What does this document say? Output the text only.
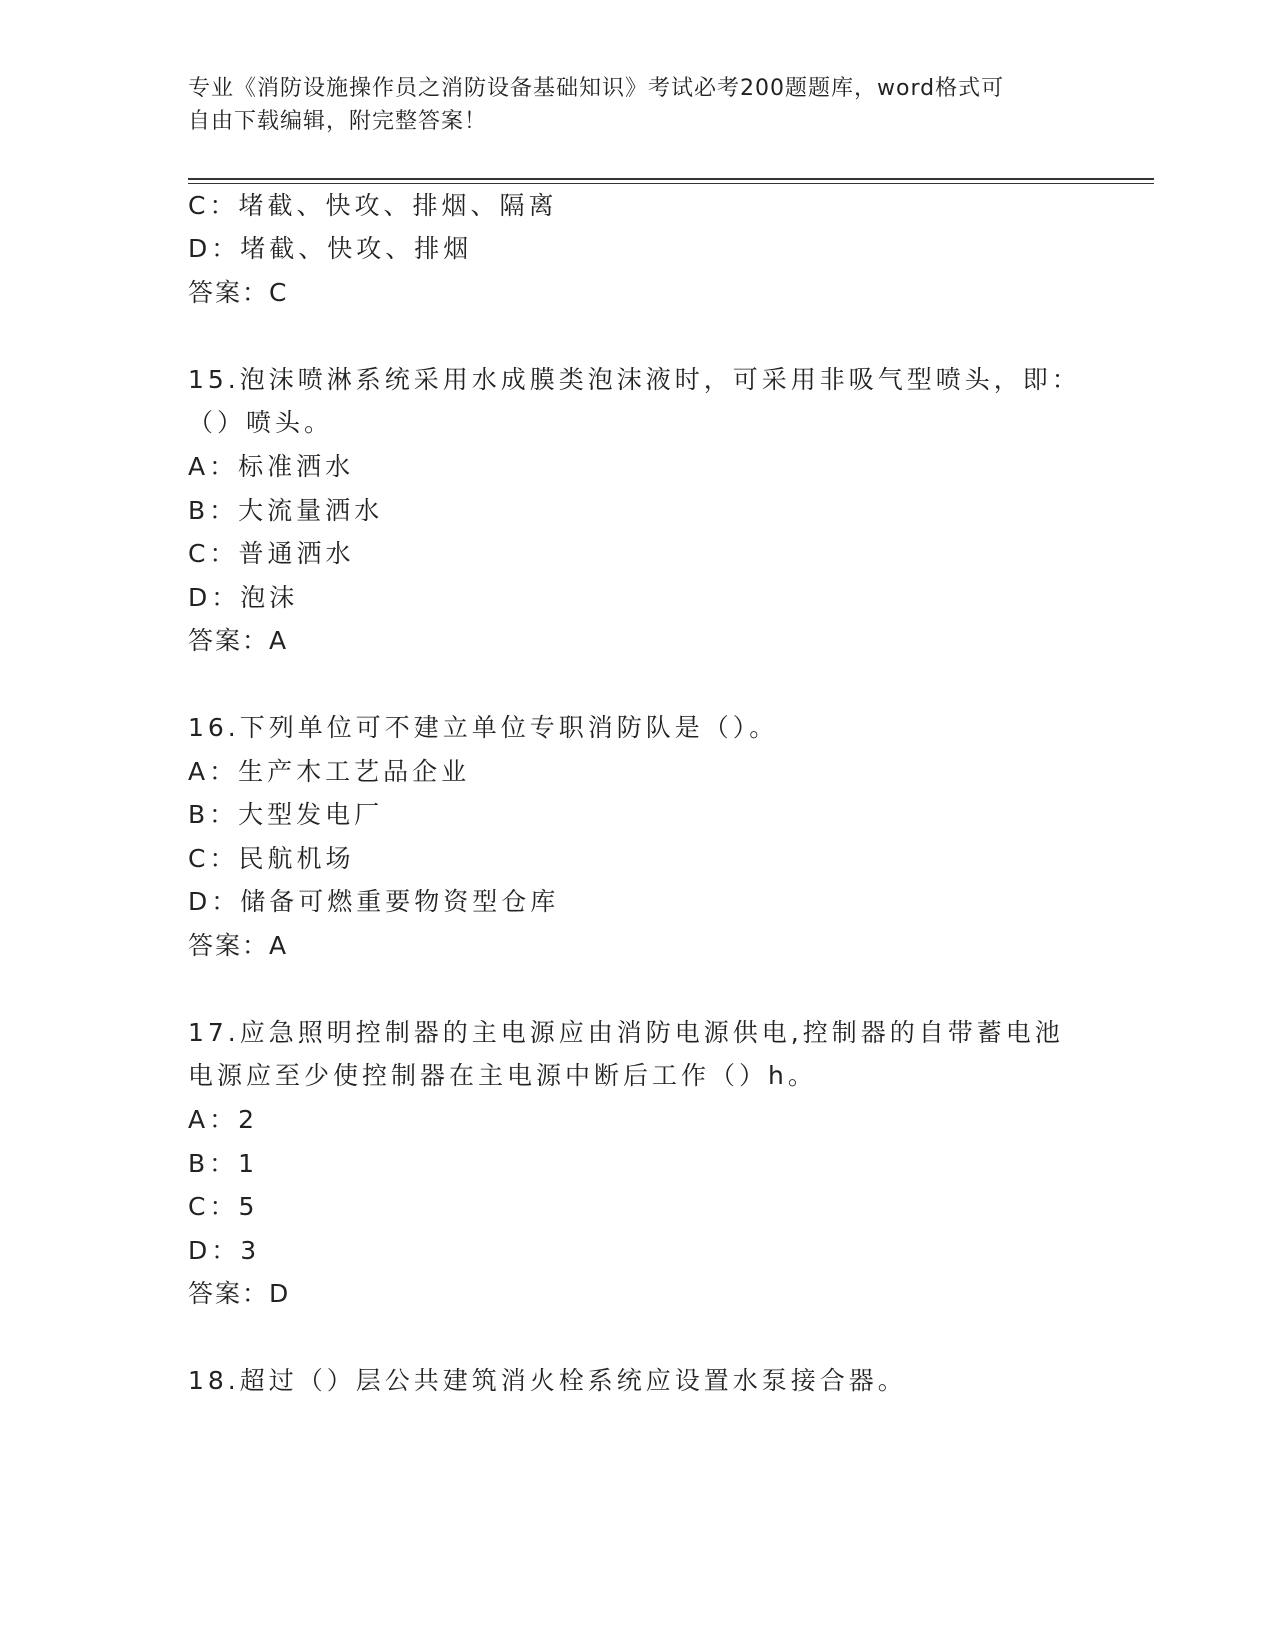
专业《消防设施操作员之消防设备基础知识》考试必考200题题库，word格式可
自由下载编辑，附完整答案！
C：堵截、快攻、排烟、隔离
D：堵截、快攻、排烟
答案：C
15.泡沫喷淋系统采用水成膜类泡沫液时，可采用非吸气型喷头，即：
（）喷头。
A：标准洒水
B：大流量洒水
C：普通洒水
D：泡沫
答案：A
16.下列单位可不建立单位专职消防队是（）。
A：生产木工艺品企业
B：大型发电厂
C：民航机场
D：储备可燃重要物资型仓库
答案：A
17.应急照明控制器的主电源应由消防电源供电,控制器的自带蓄电池
电源应至少使控制器在主电源中断后工作（）h。
A：2
B：1
C：5
D：3
答案：D
18.超过（）层公共建筑消火栓系统应设置水泵接合器。
